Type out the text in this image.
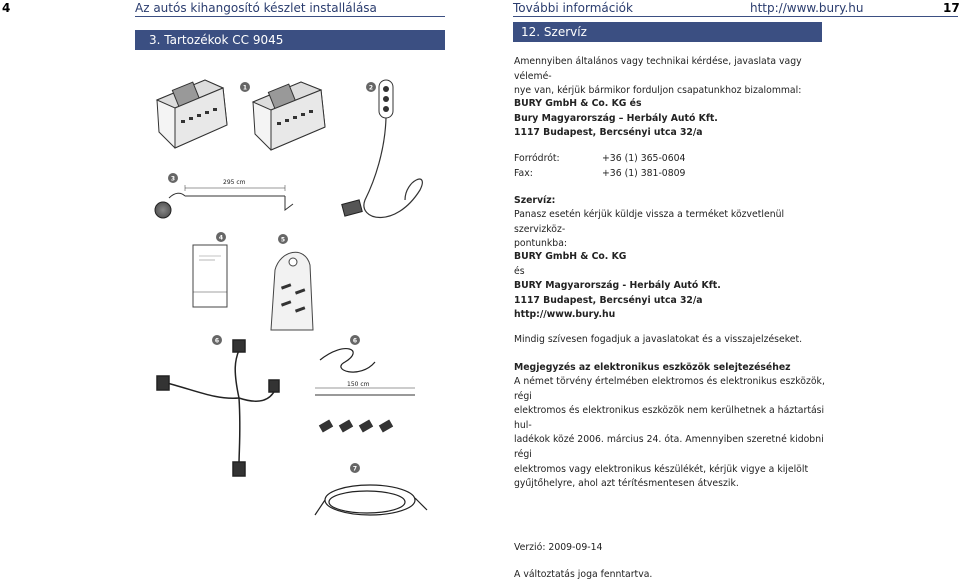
4	Az autós kihangosító készlet installálása	További információk	http://www.bury.hu	17
3. Tartozékok CC 9045
12. Szervíz
1	2
3
4	5
6	6
7
295 cm
150 cm
Amennyiben általános vagy technikai kérdése, javaslata vagy vélemé-
nye van, kérjük bármikor forduljon csapatunkhoz bizalommal:
BURY GmbH & Co. KG és
Bury Magyarország – Herbály Autó Kft.
1117 Budapest, Bercsényi utca 32/a
Forródrót:	+36 (1) 365-0604
Fax:	+36 (1) 381-0809
Szervíz:
Panasz esetén kérjük küldje vissza a terméket közvetlenül szervizköz-
pontunkba:
BURY GmbH & Co. KG
és
BURY Magyarország - Herbály Autó Kft.
1117 Budapest, Bercsényi utca 32/a
http://www.bury.hu
Mindig szívesen fogadjuk a javaslatokat és a visszajelzéseket.
Megjegyzés az elektronikus eszközök selejtezéséhez
A német törvény értelmében elektromos és elektronikus eszközök, régi
elektromos és elektronikus eszközök nem kerülhetnek a háztartási hul-
ladékok közé 2006. március 24. óta. Amennyiben szeretné kidobni régi
elektromos vagy elektronikus készülékét, kérjük vigye a kijelölt
gyűjtőhelyre, ahol azt térítésmentesen átveszik.
Verzió: 2009-09-14
A változtatás joga fenntartva.
